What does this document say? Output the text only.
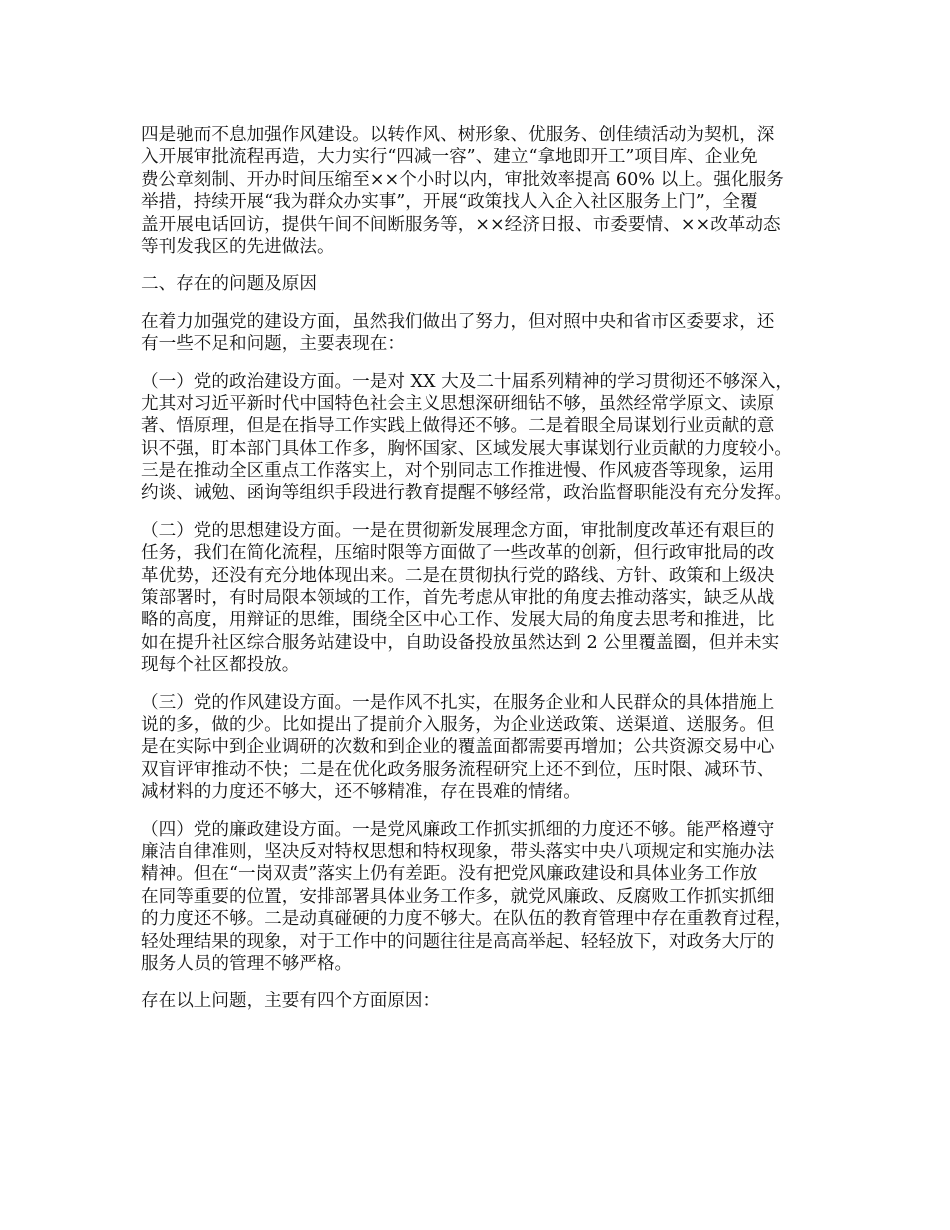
四是驰而不息加强作风建设。以转作风、树形象、优服务、创佳绩活动为契机，深
入开展审批流程再造，大力实行“四减一容”、建立“拿地即开工”项目库、企业免
费公章刻制、开办时间压缩至××个小时以内，审批效率提高 60% 以上。强化服务
举措，持续开展“我为群众办实事”，开展“政策找人入企入社区服务上门”，全覆
盖开展电话回访，提供午间不间断服务等，××经济日报、市委要情、××改革动态
等刊发我区的先进做法。
二、存在的问题及原因
在着力加强党的建设方面，虽然我们做出了努力，但对照中央和省市区委要求，还
有一些不足和问题，主要表现在：
（一）党的政治建设方面。一是对 XX 大及二十届系列精神的学习贯彻还不够深入，
尤其对习近平新时代中国特色社会主义思想深研细钻不够，虽然经常学原文、读原
著、悟原理，但是在指导工作实践上做得还不够。二是着眼全局谋划行业贡献的意
识不强，盯本部门具体工作多，胸怀国家、区域发展大事谋划行业贡献的力度较小。
三是在推动全区重点工作落实上，对个别同志工作推进慢、作风疲沓等现象，运用
约谈、诫勉、函询等组织手段进行教育提醒不够经常，政治监督职能没有充分发挥。
（二）党的思想建设方面。一是在贯彻新发展理念方面，审批制度改革还有艰巨的
任务，我们在简化流程，压缩时限等方面做了一些改革的创新，但行政审批局的改
革优势，还没有充分地体现出来。二是在贯彻执行党的路线、方针、政策和上级决
策部署时，有时局限本领域的工作，首先考虑从审批的角度去推动落实，缺乏从战
略的高度，用辩证的思维，围绕全区中心工作、发展大局的角度去思考和推进，比
如在提升社区综合服务站建设中，自助设备投放虽然达到 2 公里覆盖圈，但并未实
现每个社区都投放。
（三）党的作风建设方面。一是作风不扎实，在服务企业和人民群众的具体措施上
说的多，做的少。比如提出了提前介入服务，为企业送政策、送渠道、送服务。但
是在实际中到企业调研的次数和到企业的覆盖面都需要再增加；公共资源交易中心
双盲评审推动不快；二是在优化政务服务流程研究上还不到位，压时限、减环节、
减材料的力度还不够大，还不够精准，存在畏难的情绪。
（四）党的廉政建设方面。一是党风廉政工作抓实抓细的力度还不够。能严格遵守
廉洁自律准则，坚决反对特权思想和特权现象，带头落实中央八项规定和实施办法
精神。但在“一岗双责”落实上仍有差距。没有把党风廉政建设和具体业务工作放
在同等重要的位置，安排部署具体业务工作多，就党风廉政、反腐败工作抓实抓细
的力度还不够。二是动真碰硬的力度不够大。在队伍的教育管理中存在重教育过程，
轻处理结果的现象，对于工作中的问题往往是高高举起、轻轻放下，对政务大厅的
服务人员的管理不够严格。
存在以上问题，主要有四个方面原因：
